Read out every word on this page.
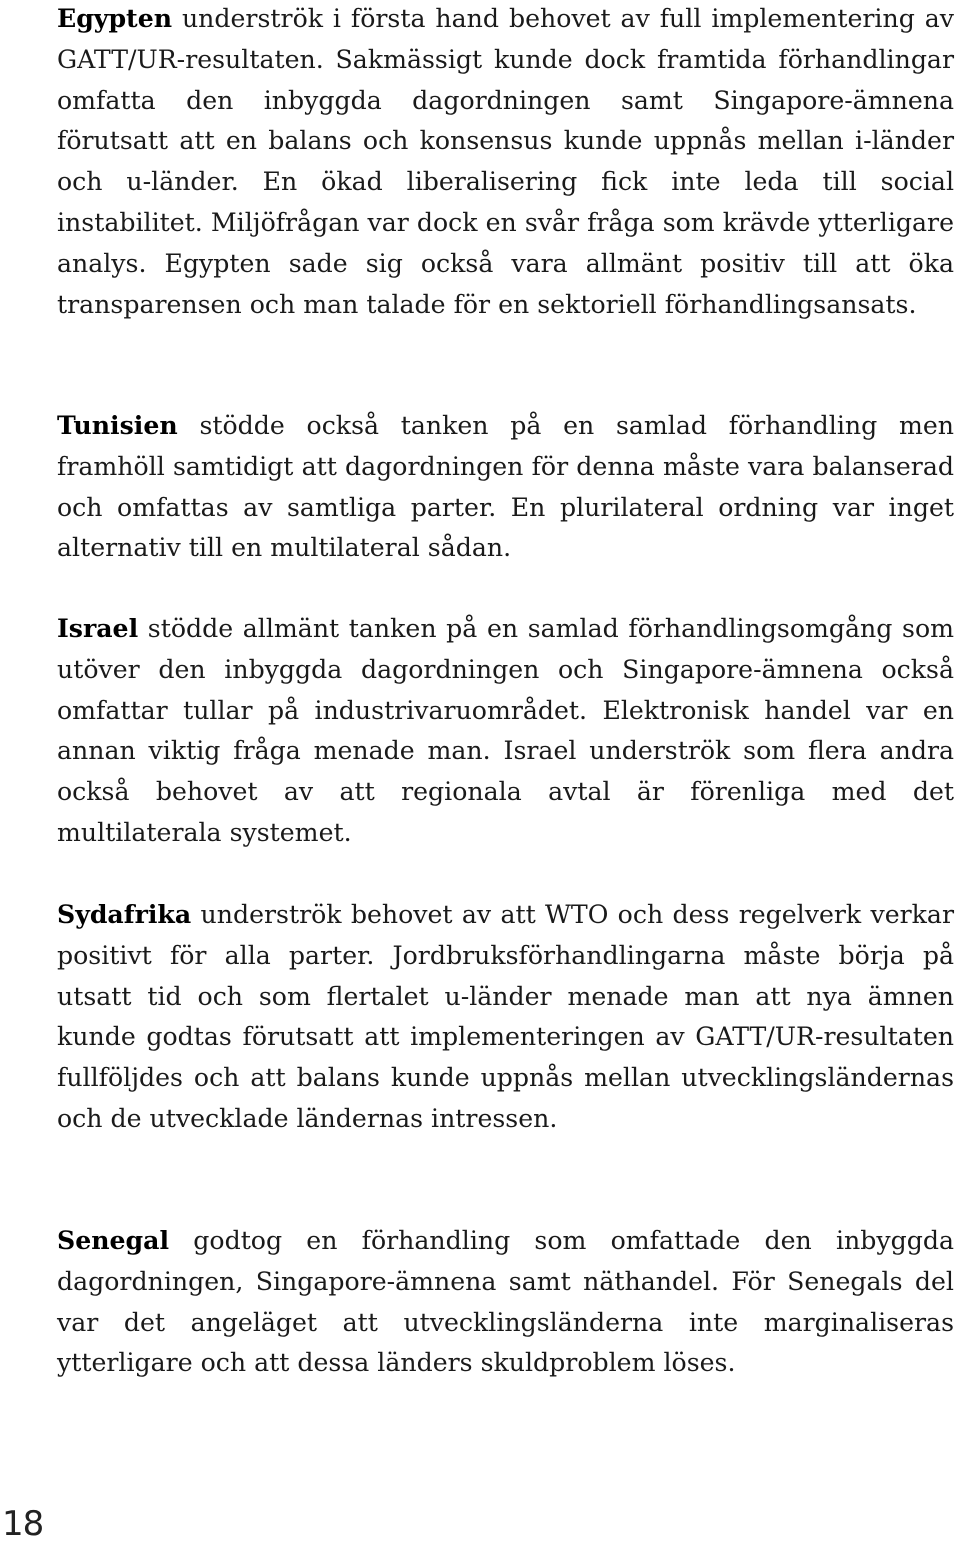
Egypten underströk i första hand behovet av full implementering av GATT/UR-resultaten. Sakmässigt kunde dock framtida förhandlingar omfatta den inbyggda dagordningen samt Singapore-ämnena förutsatt att en balans och konsensus kunde uppnås mellan i-länder och u-länder. En ökad liberalisering fick inte leda till social instabilitet. Miljöfrågan var dock en svår fråga som krävde ytterligare analys. Egypten sade sig också vara allmänt positiv till att öka transparensen och man talade för en sektoriell förhandlingsansats.

Tunisien stödde också tanken på en samlad förhandling men framhöll samtidigt att dagordningen för denna måste vara balanserad och omfattas av samtliga parter. En plurilateral ordning var inget alternativ till en multilateral sådan.

Israel stödde allmänt tanken på en samlad förhandlingsomgång som utöver den inbyggda dagordningen och Singapore-ämnena också omfattar tullar på industrivaruområdet. Elektronisk handel var en annan viktig fråga menade man. Israel underströk som flera andra också behovet av att regionala avtal är förenliga med det multilaterala systemet.

Sydafrika underströk behovet av att WTO och dess regelverk verkar positivt för alla parter. Jordbruksförhandlingarna måste börja på utsatt tid och som flertalet u-länder menade man att nya ämnen kunde godtas förutsatt att implementeringen av GATT/UR-resultaten fullföljdes och att balans kunde uppnås mellan utvecklingsländernas och de utvecklade ländernas intressen.

Senegal godtog en förhandling som omfattade den inbyggda dagordningen, Singapore-ämnena samt näthandel. För Senegals del var det angeläget att utvecklingsländerna inte marginaliseras ytterligare och att dessa länders skuldproblem löses.

18
